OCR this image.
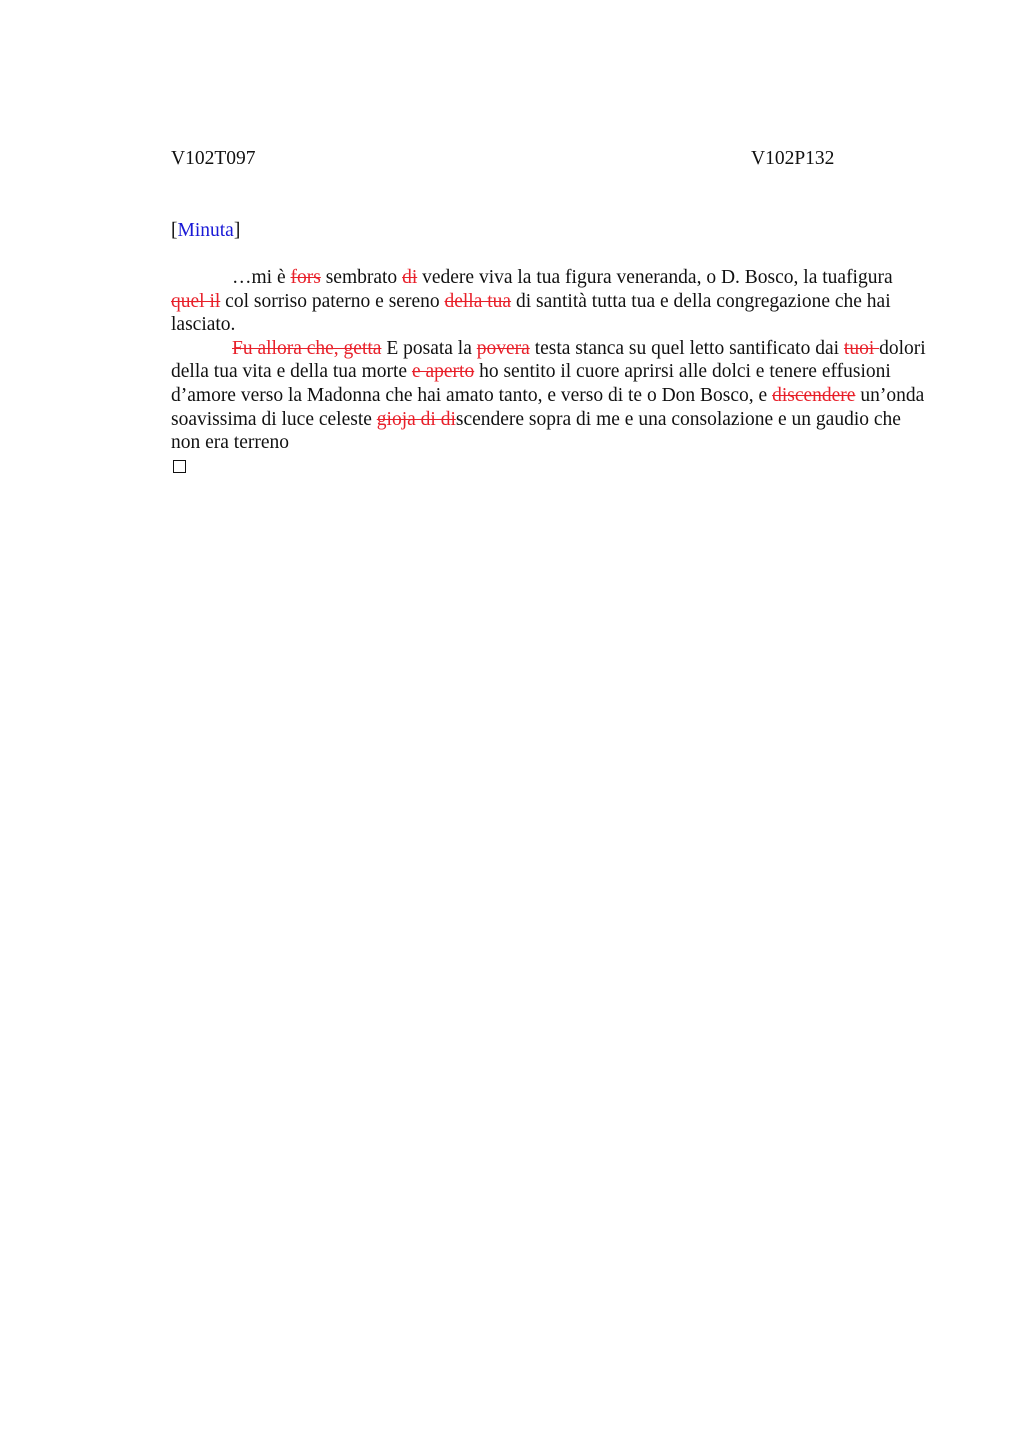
V102T097	V102P132
[Minuta]

…mi è fors sembrato di vedere viva la tua figura veneranda, o D. Bosco, la tuafigura quel il col sorriso paterno e sereno della tua di santità tutta tua e della congregazione che hai lasciato.

Fu allora che, getta E posata la povera testa stanca su quel letto santificato dai tuoi dolori della tua vita e della tua morte e aperto ho sentito il cuore aprirsi alle dolci e tenere effusioni d’amore verso la Madonna che hai amato tanto, e verso di te o Don Bosco, e discendere un’onda soavissima di luce celeste gioja di discendere sopra di me e una consolazione e un gaudio che non era terreno
